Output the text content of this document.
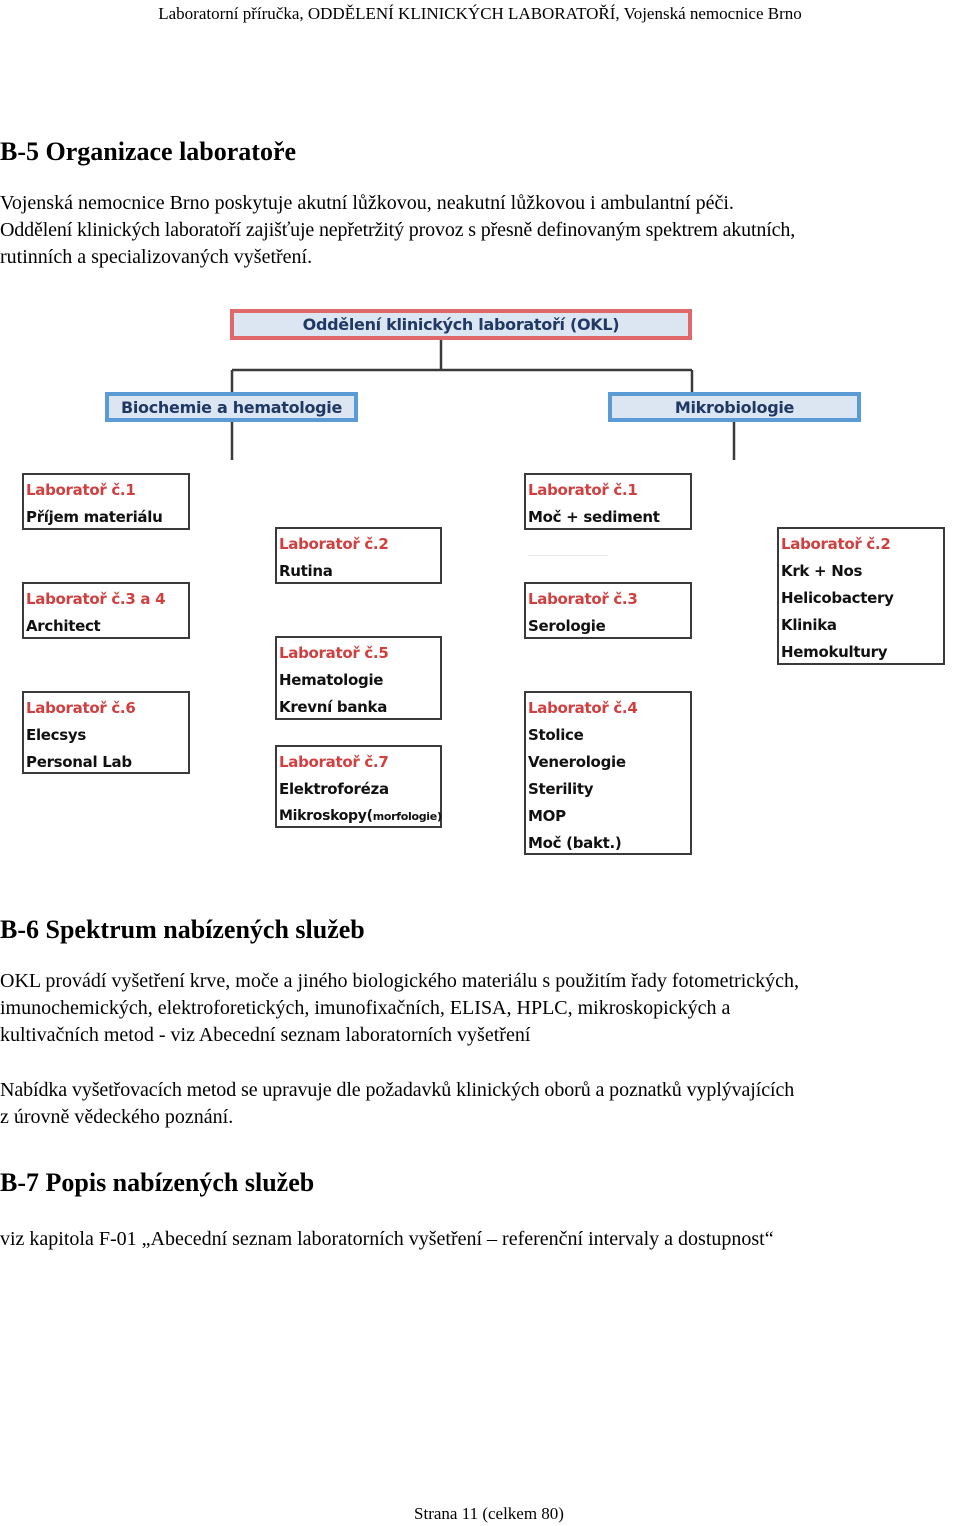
Laboratorní příručka, ODDĚLENÍ KLINICKÝCH LABORATOŘÍ, Vojenská nemocnice Brno
B-5 Organizace laboratoře
Vojenská nemocnice Brno poskytuje akutní lůžkovou, neakutní lůžkovou i ambulantní péči.
Oddělení klinických laboratoří zajišťuje nepřetržitý provoz s přesně definovaným spektrem akutních,
rutinních a specializovaných vyšetření.
Oddělení klinických laboratoří (OKL)
Biochemie a hematologie	Mikrobiologie
Laboratoř č.1
Příjem materiálu
Laboratoř č.3 a 4
Architect
Laboratoř č.6
Elecsys
Personal Lab
Laboratoř č.2
Rutina
Laboratoř č.5
Hematologie
Krevní banka
Laboratoř č.7
Elektroforéza
Mikroskopy(morfologie)
Laboratoř č.1
Moč + sediment
Laboratoř č.3
Serologie
Laboratoř č.4
Stolice
Venerologie
Sterility
MOP
Moč (bakt.)
Laboratoř č.2
Krk + Nos
Helicobactery
Klinika
Hemokultury
B-6 Spektrum nabízených služeb
OKL provádí vyšetření krve, moče a jiného biologického materiálu s použitím řady fotometrických,
imunochemických, elektroforetických, imunofixačních, ELISA, HPLC, mikroskopických a
kultivačních metod - viz Abecední seznam laboratorních vyšetření
Nabídka vyšetřovacích metod se upravuje dle požadavků klinických oborů a poznatků vyplývajících
z úrovně vědeckého poznání.
B-7 Popis nabízených služeb
viz kapitola F-01 „Abecední seznam laboratorních vyšetření – referenční intervaly a dostupnost“
Strana 11 (celkem 80)
